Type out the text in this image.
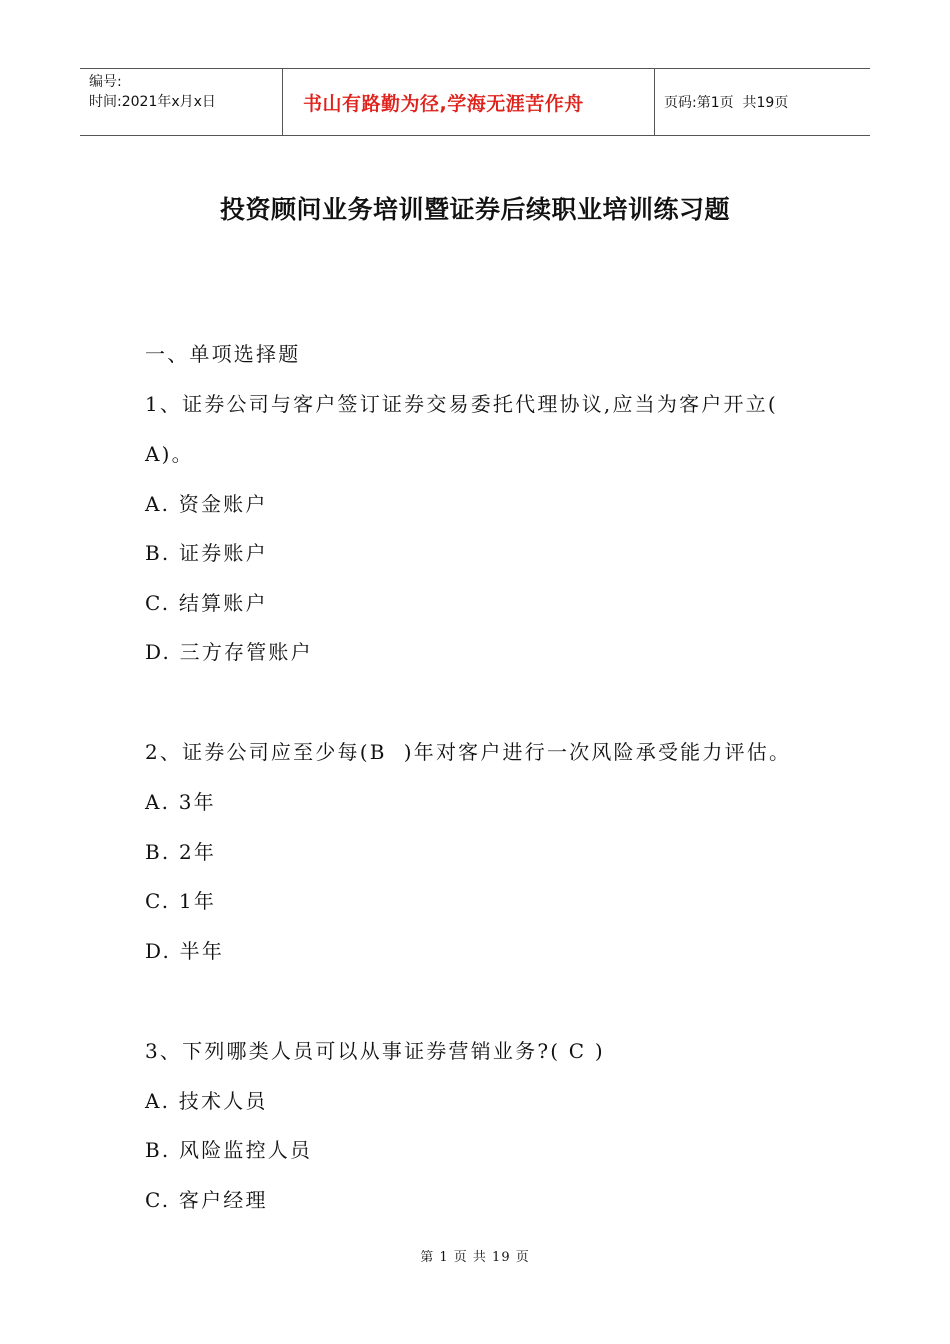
编号:
时间:2021年x月x日	书山有路勤为径,学海无涯苦作舟	页码:第1页  共19页
投资顾问业务培训暨证券后续职业培训练习题
一、单项选择题
1、证券公司与客户签订证券交易委托代理协议,应当为客户开立(
A)。
A. 资金账户
B. 证券账户
C. 结算账户
D. 三方存管账户
2、证券公司应至少每(B  )年对客户进行一次风险承受能力评估。
A. 3年
B. 2年
C. 1年
D. 半年
3、下列哪类人员可以从事证券营销业务?( C )
A. 技术人员
B. 风险监控人员
C. 客户经理
第 1 页 共 19 页
